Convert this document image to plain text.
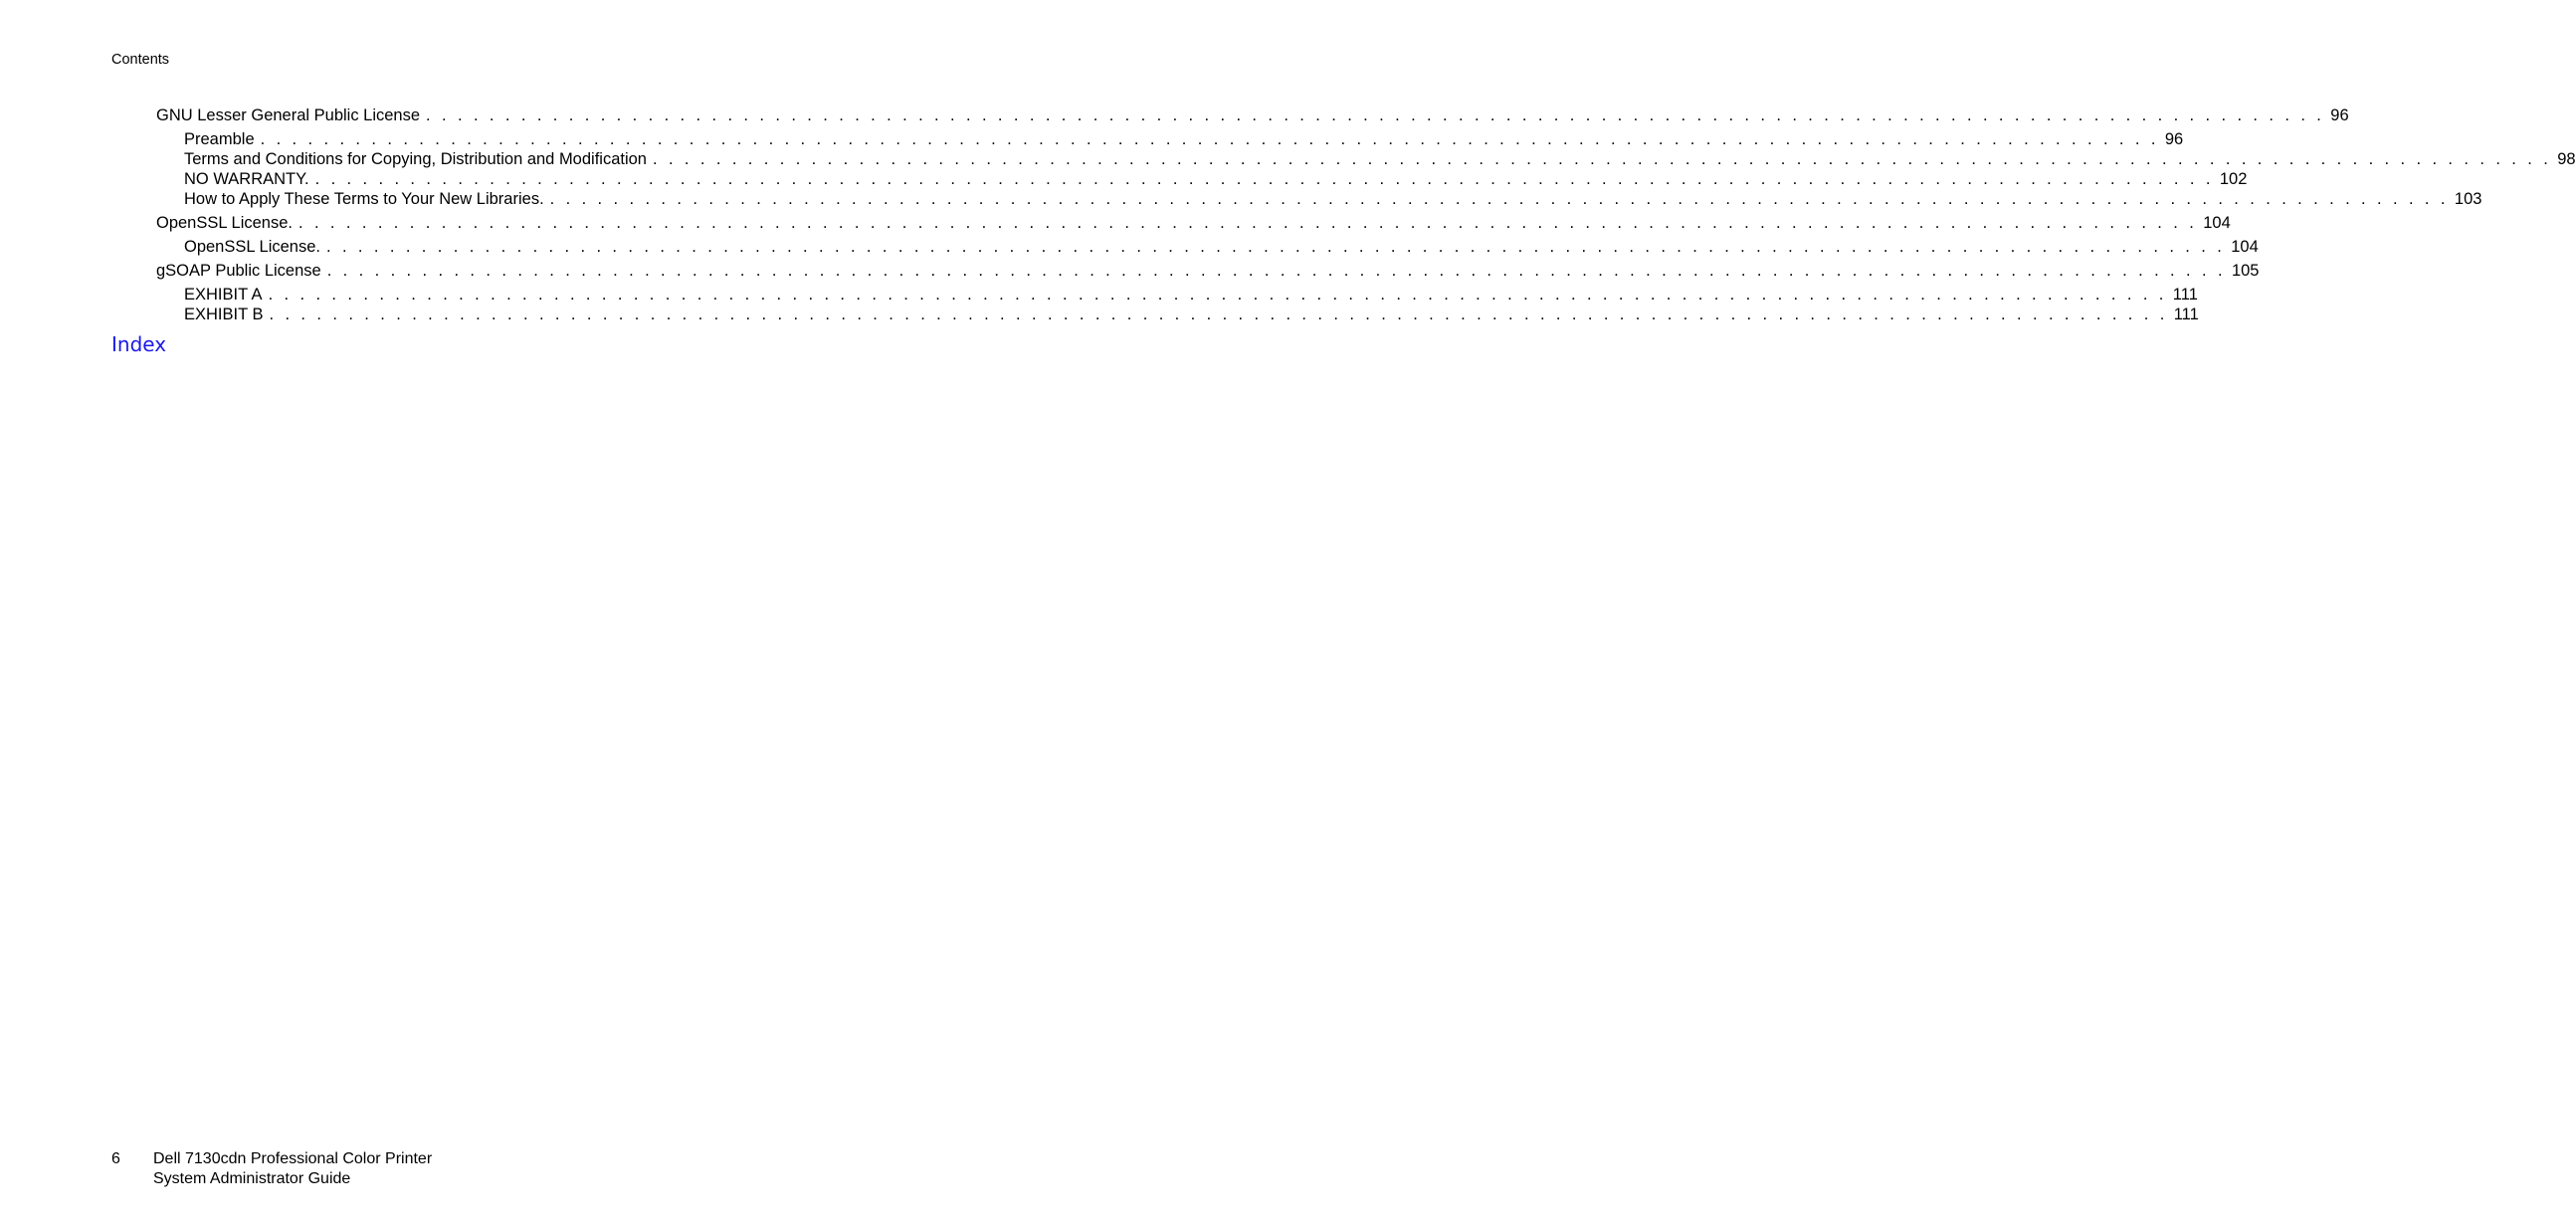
Contents
GNU Lesser General Public License . . . . . . . . . . . . . . . . . . . . . . . . . . . . . . . . . . . . . . . . . . . . . . . . . . . . . . . . . . . . . . . . . . . . . . . . . . . . . . . . . . . . . . . . . . . . . . . . . . . . . . . . . . . . . . . . . . . . . . . . 96
Preamble . . . . . . . . . . . . . . . . . . . . . . . . . . . . . . . . . . . . . . . . . . . . . . . . . . . . . . . . . . . . . . . . . . . . . . . . . . . . . . . . . . . . . . . . . . . . . . . . . . . . . . . . . . . . . . . . . . . . . . . . 96
Terms and Conditions for Copying, Distribution and Modification . . . . . . . . . . . . . . . . . . . . . . . . . . . . . . . . . . . . . . . . . . . . . . . . . . . . . . . . . . . . . . . . . . . . . . . . . . . . . . . . . . . . . . . . . . . . . . . . . . . . . . . . . . . . . . . . . . . . . . . . 98
NO WARRANTY. . . . . . . . . . . . . . . . . . . . . . . . . . . . . . . . . . . . . . . . . . . . . . . . . . . . . . . . . . . . . . . . . . . . . . . . . . . . . . . . . . . . . . . . . . . . . . . . . . . . . . . . . . . . . . . . . . . . . . . . . 102
How to Apply These Terms to Your New Libraries. . . . . . . . . . . . . . . . . . . . . . . . . . . . . . . . . . . . . . . . . . . . . . . . . . . . . . . . . . . . . . . . . . . . . . . . . . . . . . . . . . . . . . . . . . . . . . . . . . . . . . . . . . . . . . . . . . . . . . . . . 103
OpenSSL License. . . . . . . . . . . . . . . . . . . . . . . . . . . . . . . . . . . . . . . . . . . . . . . . . . . . . . . . . . . . . . . . . . . . . . . . . . . . . . . . . . . . . . . . . . . . . . . . . . . . . . . . . . . . . . . . . . . . . . . . . 104
OpenSSL License. . . . . . . . . . . . . . . . . . . . . . . . . . . . . . . . . . . . . . . . . . . . . . . . . . . . . . . . . . . . . . . . . . . . . . . . . . . . . . . . . . . . . . . . . . . . . . . . . . . . . . . . . . . . . . . . . . . . . . . . . 104
gSOAP Public License . . . . . . . . . . . . . . . . . . . . . . . . . . . . . . . . . . . . . . . . . . . . . . . . . . . . . . . . . . . . . . . . . . . . . . . . . . . . . . . . . . . . . . . . . . . . . . . . . . . . . . . . . . . . . . . . . . . . . . . . 105
EXHIBIT A . . . . . . . . . . . . . . . . . . . . . . . . . . . . . . . . . . . . . . . . . . . . . . . . . . . . . . . . . . . . . . . . . . . . . . . . . . . . . . . . . . . . . . . . . . . . . . . . . . . . . . . . . . . . . . . . . . . . . . . . 111
EXHIBIT B . . . . . . . . . . . . . . . . . . . . . . . . . . . . . . . . . . . . . . . . . . . . . . . . . . . . . . . . . . . . . . . . . . . . . . . . . . . . . . . . . . . . . . . . . . . . . . . . . . . . . . . . . . . . . . . . . . . . . . . . 111
Index
6	Dell 7130cdn Professional Color Printer
System Administrator Guide
